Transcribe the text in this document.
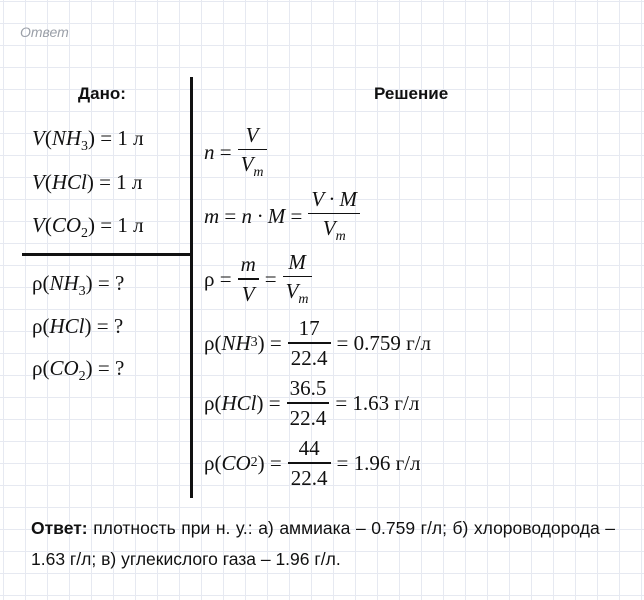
Ответ
Дано:	Решение
$V(NH_3) = 1$ л
V(HCl) = 1 л
$V(CO_2) = 1$ л
$\rho(NH_3)$ = ?
ρ(HCl) = ?
$\rho(CO_2)$ = ?
$n = \frac{V}{V_m}$
$m = n \cdot M = \frac{V \cdot M}{V_m}$
$\rho = \frac{m}{V} = \frac{M}{V_m}$
ρ( NH 3 ) = $\frac{17}{22.4} = 0.759$ г/л
ρ( HCl ) = $\frac{36.5}{22.4} = 1.63$ г/л
ρ( CO 2 ) = $\frac{44}{22.4} = 1.96$ г/л
Ответ: плотность при н. у.: а) аммиака – 0.759 г/л; б) хлороводорода – 1.63 г/л; в) углекислого газа – 1.96 г/л.
